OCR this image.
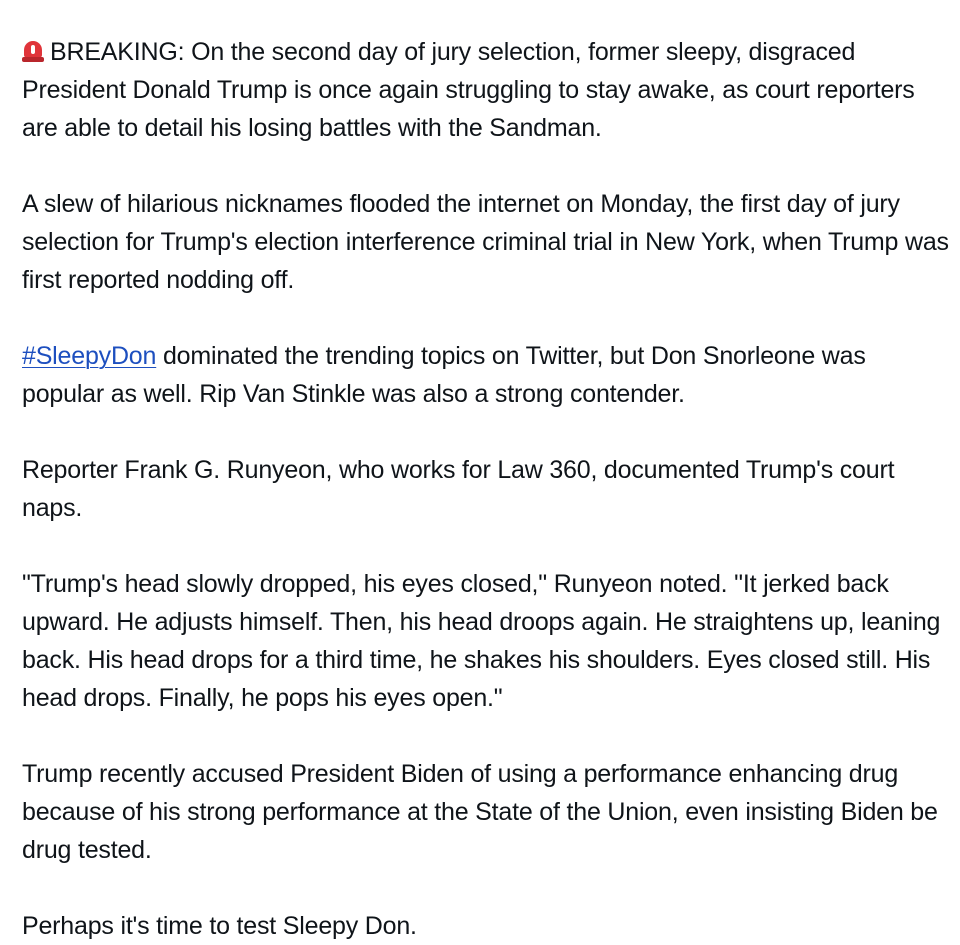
BREAKING: On the second day of jury selection, former sleepy, disgraced President Donald Trump is once again struggling to stay awake, as court reporters are able to detail his losing battles with the Sandman.

A slew of hilarious nicknames flooded the internet on Monday, the first day of jury selection for Trump's election interference criminal trial in New York, when Trump was first reported nodding off.

#SleepyDon dominated the trending topics on Twitter, but Don Snorleone was popular as well. Rip Van Stinkle was also a strong contender.

Reporter Frank G. Runyeon, who works for Law 360, documented Trump's court naps.

"Trump's head slowly dropped, his eyes closed," Runyeon noted. "It jerked back upward. He adjusts himself. Then, his head droops again. He straightens up, leaning back. His head drops for a third time, he shakes his shoulders. Eyes closed still. His head drops. Finally, he pops his eyes open."

Trump recently accused President Biden of using a performance enhancing drug because of his strong performance at the State of the Union, even insisting Biden be drug tested.

Perhaps it's time to test Sleepy Don.
